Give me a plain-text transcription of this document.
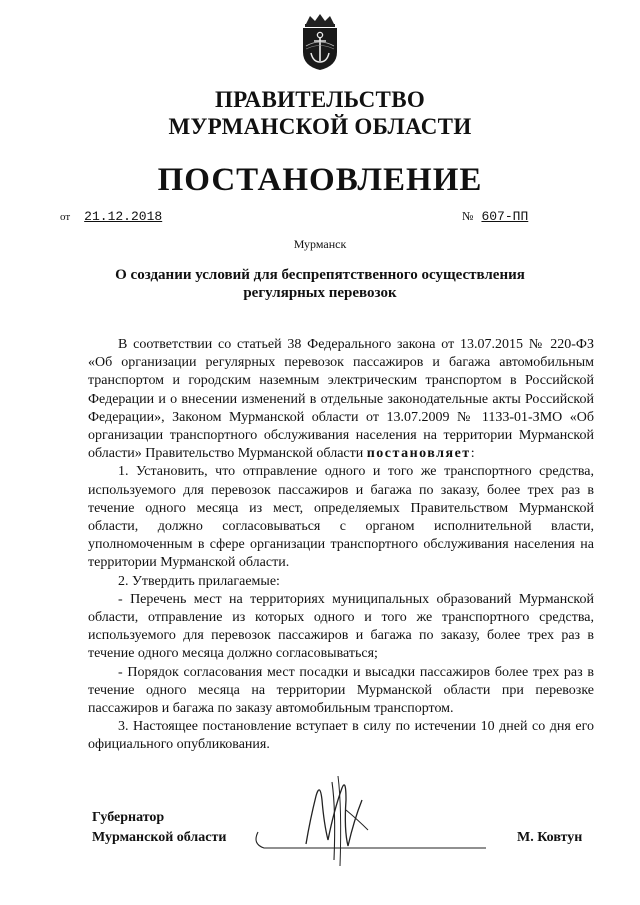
ПРАВИТЕЛЬСТВО
МУРМАНСКОЙ ОБЛАСТИ
ПОСТАНОВЛЕНИЕ
от 21.12.2018	№ 607-ПП
Мурманск
О создании условий для беспрепятственного осуществления
регулярных перевозок

В соответствии со статьей 38 Федерального закона от 13.07.2015 № 220-ФЗ «Об организации регулярных перевозок пассажиров и багажа автомобильным транспортом и городским наземным электрическим транспортом в Российской Федерации и о внесении изменений в отдельные законодательные акты Российской Федерации», Законом Мурманской области от 13.07.2009 № 1133-01-ЗМО «Об организации транспортного обслуживания населения на территории Мурманской области» Правительство Мурманской области постановляет:

1. Установить, что отправление одного и того же транспортного средства, используемого для перевозок пассажиров и багажа по заказу, более трех раз в течение одного месяца из мест, определяемых Правительством Мурманской области, должно согласовываться с органом исполнительной власти, уполномоченным в сфере организации транспортного обслуживания населения на территории Мурманской области.

2. Утвердить прилагаемые:

- Перечень мест на территориях муниципальных образований Мурманской области, отправление из которых одного и того же транспортного средства, используемого для перевозок пассажиров и багажа по заказу, более трех раз в течение одного месяца должно согласовываться;

- Порядок согласования мест посадки и высадки пассажиров более трех раз в течение одного месяца на территории Мурманской области при перевозке пассажиров и багажа по заказу автомобильным транспортом.

3. Настоящее постановление вступает в силу по истечении 10 дней со дня его официального опубликования.

Губернатор
Мурманской области	М. Ковтун
